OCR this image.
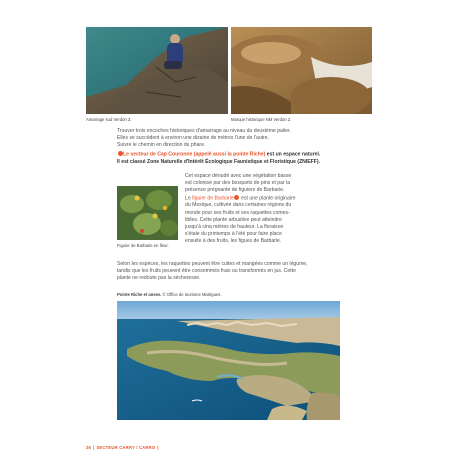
Amarrage sud Verdon 3.	Marque historique NM Verdon 2.

Trouver trois encoches historiques d'amarrage au niveau du deuxième palier.

Elles se succèdent à environ une dizaine de mètres l'une de l'autre.

Suivre le chemin en direction du phare.

Le secteur de Cap Couronne (appelé aussi la pointe Riche) est un espace naturel.

Il est classé Zone Naturelle d'Intérêt Écologique Faunistique et Floristique (ZNIEFF).

Figuier de Barbarie en fleur.

Cet espace dénudé avec une végétation basse

est colonisé par des bosquets de pins et par la

présence prégnante de figuiers de Barbarie.

Le figuier de Barbarie est une plante originaire

du Mexique, cultivée dans certaines régions du

monde pour ses fruits et ses raquettes comes-

tibles. Cette plante arbustive peut atteindre

jusqu'à cinq mètres de hauteur. La floraison

s'étale du printemps à l'été pour faire place

ensuite à des fruits, les figues de Barbarie.

Selon les espèces, les raquettes peuvent être cuites et mangées comme un légume,

tandis que les fruits peuvent être consommés frais ou transformés en jus. Cette

plante ne redoute pas la sécheresse.

Pointe Riche et anses. © Office de tourisme Martigues.
26 | SECTEUR CARRY / CARRO |
